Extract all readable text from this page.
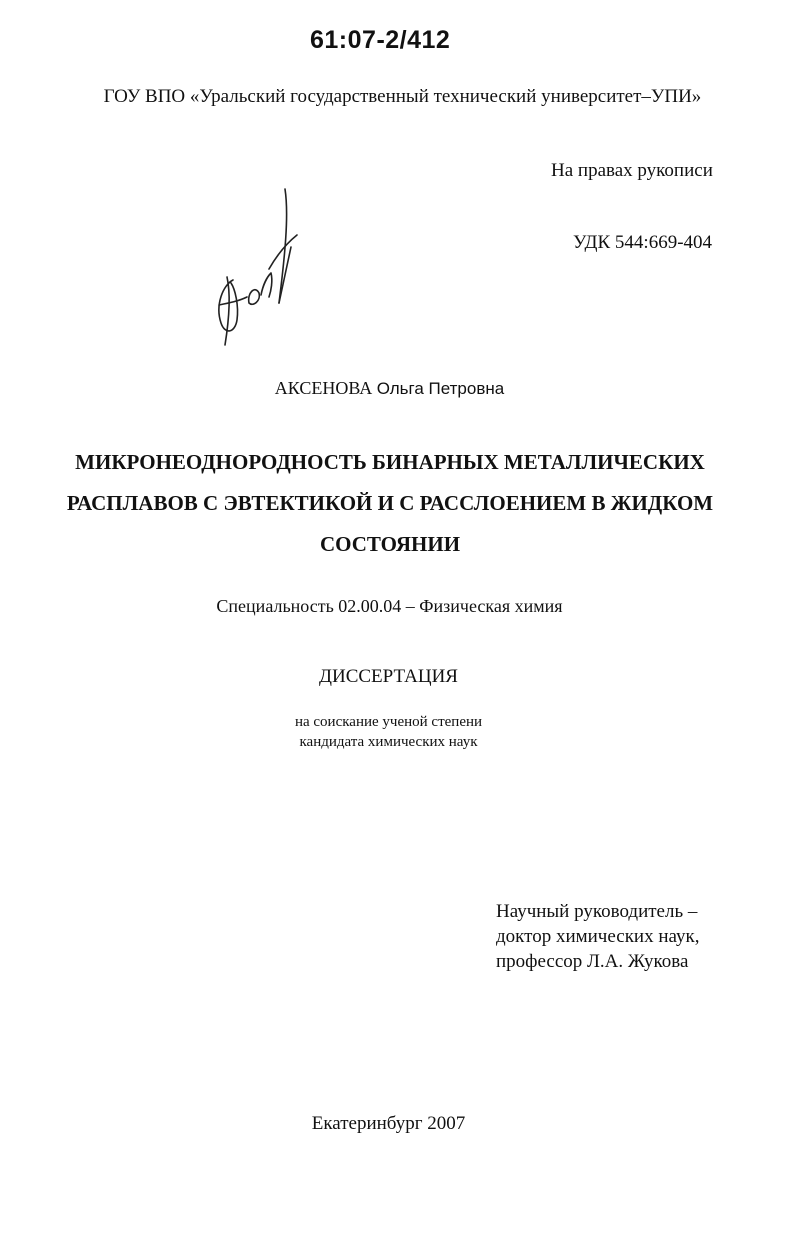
61:07-2/412
ГОУ ВПО «Уральский государственный технический университет–УПИ»
На правах рукописи
УДК 544:669-404
АКСЕНОВА Ольга Петровна
МИКРОНЕОДНОРОДНОСТЬ БИНАРНЫХ МЕТАЛЛИЧЕСКИХ
РАСПЛАВОВ С ЭВТЕКТИКОЙ И С РАССЛОЕНИЕМ В ЖИДКОМ
СОСТОЯНИИ
Специальность 02.00.04 – Физическая химия
ДИССЕРТАЦИЯ
на соискание ученой степени
кандидата химических наук
Научный руководитель –
доктор химических наук,
профессор Л.А. Жукова
Екатеринбург 2007
